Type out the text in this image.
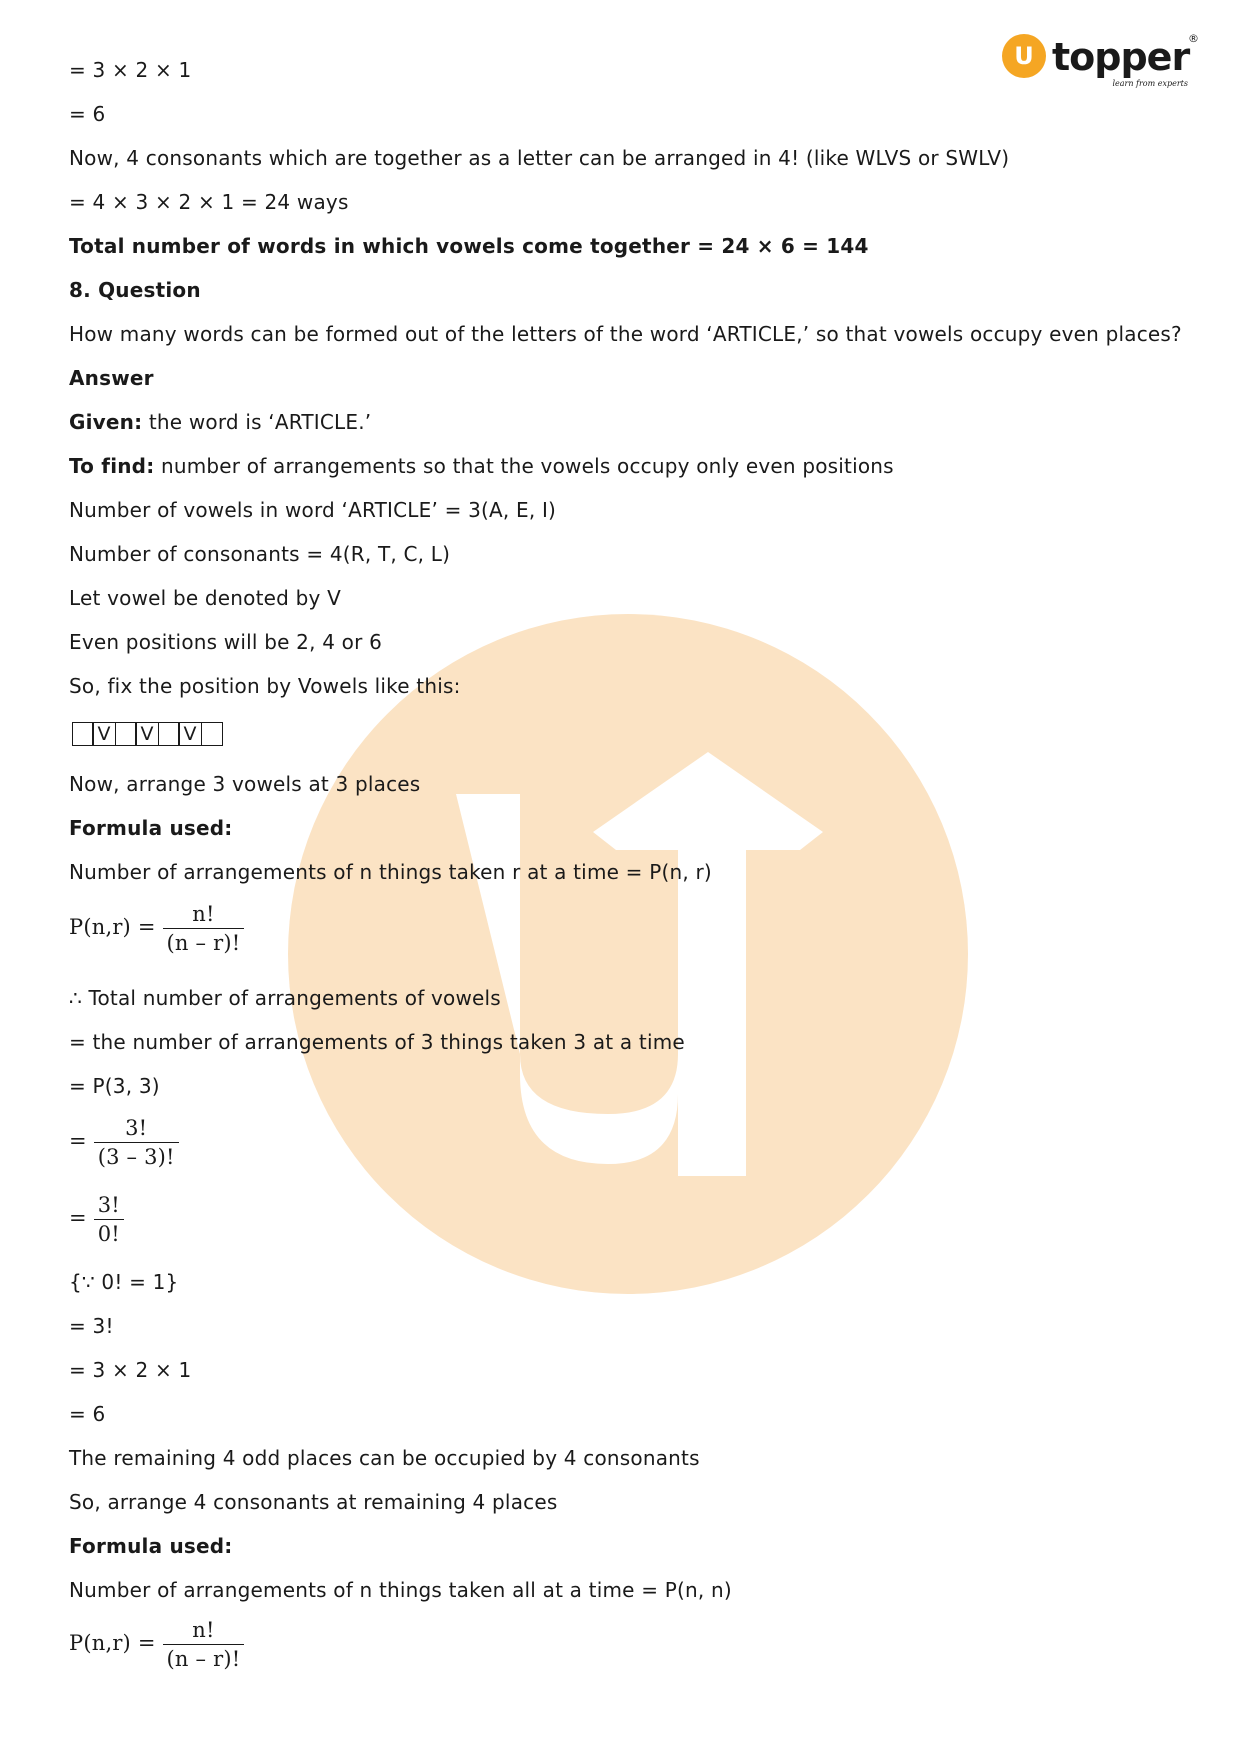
U topper
®
learn from experts
= 3 × 2 × 1
= 6
Now, 4 consonants which are together as a letter can be arranged in 4! (like WLVS or SWLV)
= 4 × 3 × 2 × 1 = 24 ways
Total number of words in which vowels come together = 24 × 6 = 144
8. Question
How many words can be formed out of the letters of the word ‘ARTICLE,’ so that vowels occupy even places?
Answer
Given: the word is ‘ARTICLE.’
To find: number of arrangements so that the vowels occupy only even positions
Number of vowels in word ‘ARTICLE’ = 3(A, E, I)
Number of consonants = 4(R, T, C, L)
Let vowel be denoted by V
Even positions will be 2, 4 or 6
So, fix the position by Vowels like this:
V V V
Now, arrange 3 vowels at 3 places
Formula used:
Number of arrangements of n things taken r at a time = P(n, r)
$P(n,r) = \frac{n!}{(n - r)!}$
∴ Total number of arrangements of vowels
= the number of arrangements of 3 things taken 3 at a time
= P(3, 3)
= $\frac{3!}{(3 - 3)!}$
= $\frac{3!}{0!}$
{∵ 0! = 1}
= 3!
= 3 × 2 × 1
= 6
The remaining 4 odd places can be occupied by 4 consonants
So, arrange 4 consonants at remaining 4 places
Formula used:
Number of arrangements of n things taken all at a time = P(n, n)
$P(n,r) = \frac{n!}{(n - r)!}$
